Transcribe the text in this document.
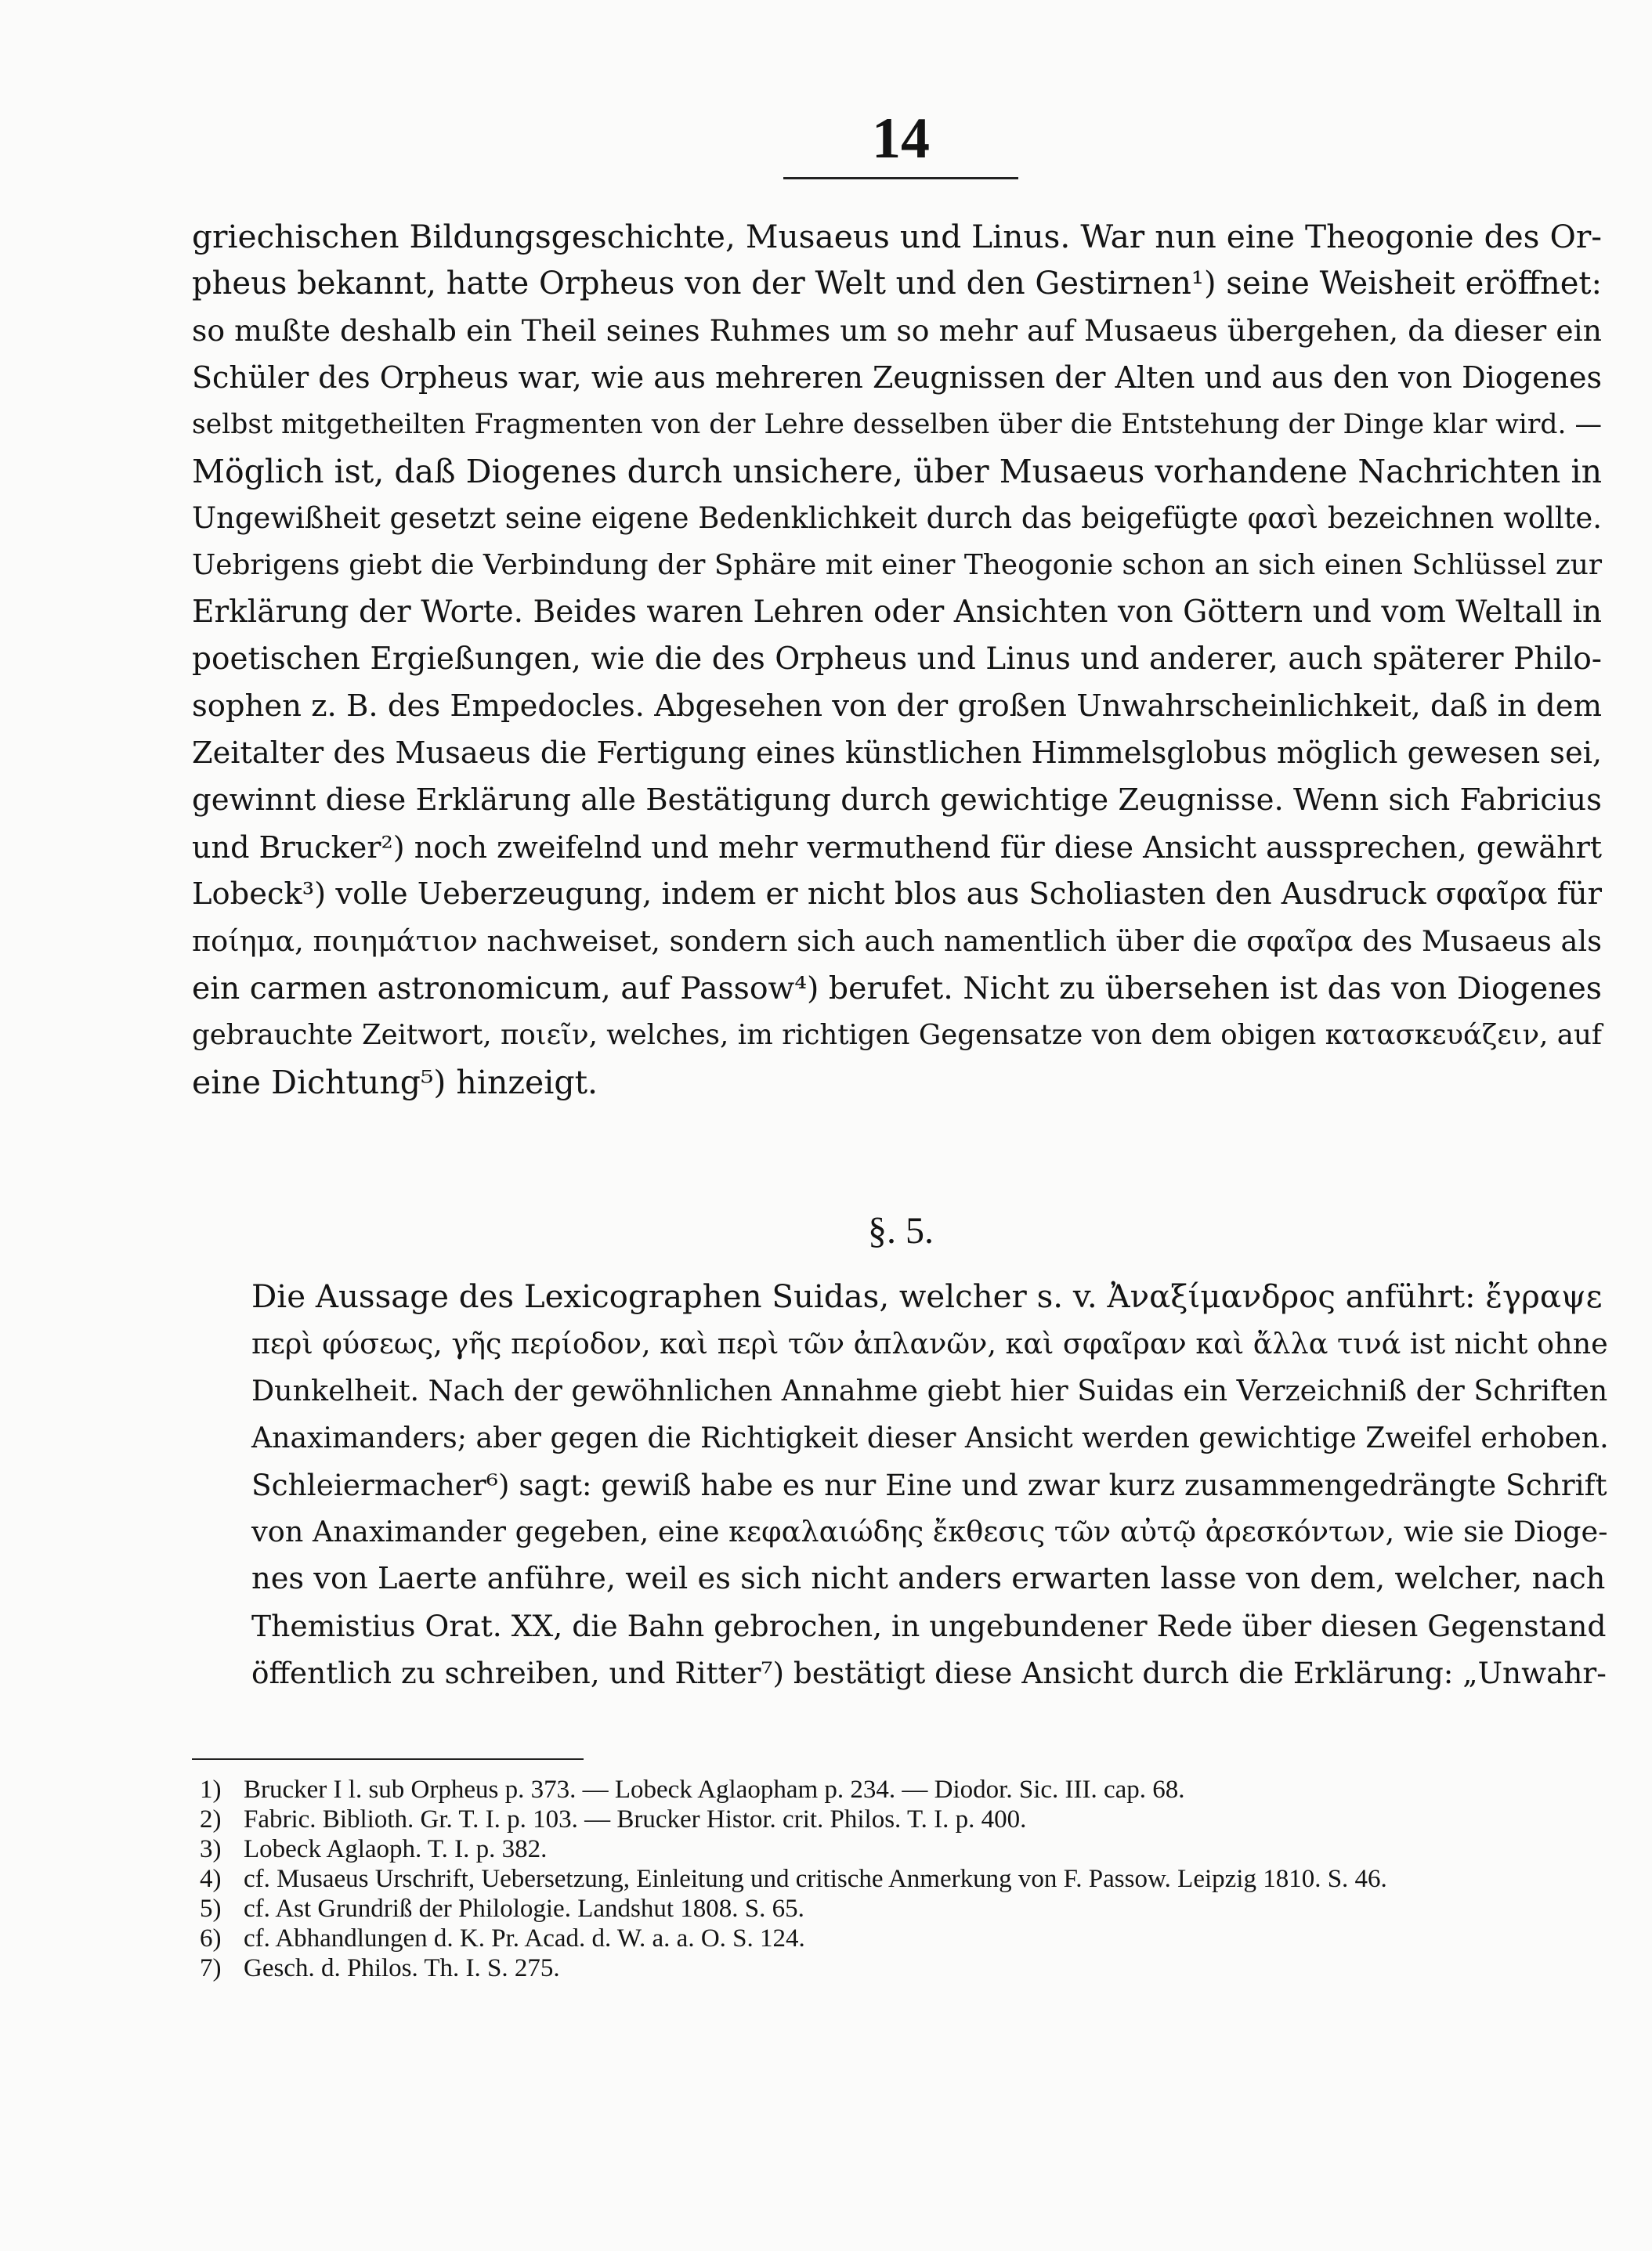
14
griechischen Bildungsgeschichte, Musaeus und Linus. War nun eine Theogonie des Or-
pheus bekannt, hatte Orpheus von der Welt und den Gestirnen¹) seine Weisheit eröffnet:
so mußte deshalb ein Theil seines Ruhmes um so mehr auf Musaeus übergehen, da dieser ein
Schüler des Orpheus war, wie aus mehreren Zeugnissen der Alten und aus den von Diogenes
selbst mitgetheilten Fragmenten von der Lehre desselben über die Entstehung der Dinge klar wird. —
Möglich ist, daß Diogenes durch unsichere, über Musaeus vorhandene Nachrichten in
Ungewißheit gesetzt seine eigene Bedenklichkeit durch das beigefügte φασὶ bezeichnen wollte.
Uebrigens giebt die Verbindung der Sphäre mit einer Theogonie schon an sich einen Schlüssel zur
Erklärung der Worte. Beides waren Lehren oder Ansichten von Göttern und vom Weltall in
poetischen Ergießungen, wie die des Orpheus und Linus und anderer, auch späterer Philo-
sophen z. B. des Empedocles. Abgesehen von der großen Unwahrscheinlichkeit, daß in dem
Zeitalter des Musaeus die Fertigung eines künstlichen Himmelsglobus möglich gewesen sei,
gewinnt diese Erklärung alle Bestätigung durch gewichtige Zeugnisse. Wenn sich Fabricius
und Brucker²) noch zweifelnd und mehr vermuthend für diese Ansicht aussprechen, gewährt
Lobeck³) volle Ueberzeugung, indem er nicht blos aus Scholiasten den Ausdruck σφαῖρα für
ποίημα, ποιημάτιον nachweiset, sondern sich auch namentlich über die σφαῖρα des Musaeus als
ein carmen astronomicum, auf Passow⁴) berufet. Nicht zu übersehen ist das von Diogenes
gebrauchte Zeitwort, ποιεῖν, welches, im richtigen Gegensatze von dem obigen κατασκευάζειν, auf
eine Dichtung⁵) hinzeigt.
§. 5.
Die Aussage des Lexicographen Suidas, welcher s. v. Ἀναξίμανδρος anführt: ἔγραψε
περὶ φύσεως, γῆς περίοδον, καὶ περὶ τῶν ἀπλανῶν, καὶ σφαῖραν καὶ ἄλλα τινά ist nicht ohne
Dunkelheit. Nach der gewöhnlichen Annahme giebt hier Suidas ein Verzeichniß der Schriften
Anaximanders; aber gegen die Richtigkeit dieser Ansicht werden gewichtige Zweifel erhoben.
Schleiermacher⁶) sagt: gewiß habe es nur Eine und zwar kurz zusammengedrängte Schrift
von Anaximander gegeben, eine κεφαλαιώδης ἔκθεσις τῶν αὐτῷ ἀρεσκόντων, wie sie Dioge-
nes von Laerte anführe, weil es sich nicht anders erwarten lasse von dem, welcher, nach
Themistius Orat. XX, die Bahn gebrochen, in ungebundener Rede über diesen Gegenstand
öffentlich zu schreiben, und Ritter⁷) bestätigt diese Ansicht durch die Erklärung: „Unwahr-
1) Brucker I l. sub Orpheus p. 373. — Lobeck Aglaopham p. 234. — Diodor. Sic. III. cap. 68.
2) Fabric. Biblioth. Gr. T. I. p. 103. — Brucker Histor. crit. Philos. T. I. p. 400.
3) Lobeck Aglaoph. T. I. p. 382.
4) cf. Musaeus Urschrift, Uebersetzung, Einleitung und critische Anmerkung von F. Passow. Leipzig 1810. S. 46.
5) cf. Ast Grundriß der Philologie. Landshut 1808. S. 65.
6) cf. Abhandlungen d. K. Pr. Acad. d. W. a. a. O. S. 124.
7) Gesch. d. Philos. Th. I. S. 275.
